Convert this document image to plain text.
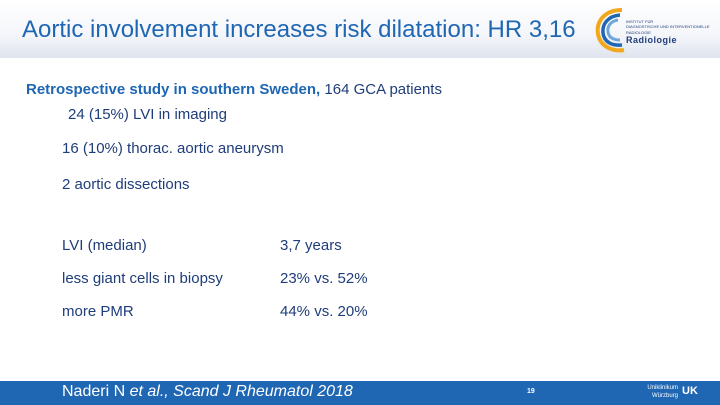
Aortic involvement increases risk dilatation: HR 3,16	INSTITUT FÜR
DIAGNOSTISCHE UND INTERVENTIONELLE
RADIOLOGIE
Radiologie
Retrospective study in southern Sweden, 164 GCA patients
24 (15%) LVI in imaging
16 (10%) thorac. aortic aneurysm
2 aortic dissections
LVI (median)	3,7 years
less giant cells in biopsy	23% vs. 52%
more PMR	44% vs. 20%
Naderi N et al., Scand J Rheumatol 2018	19	Uniklinikum
Würzburg UK
